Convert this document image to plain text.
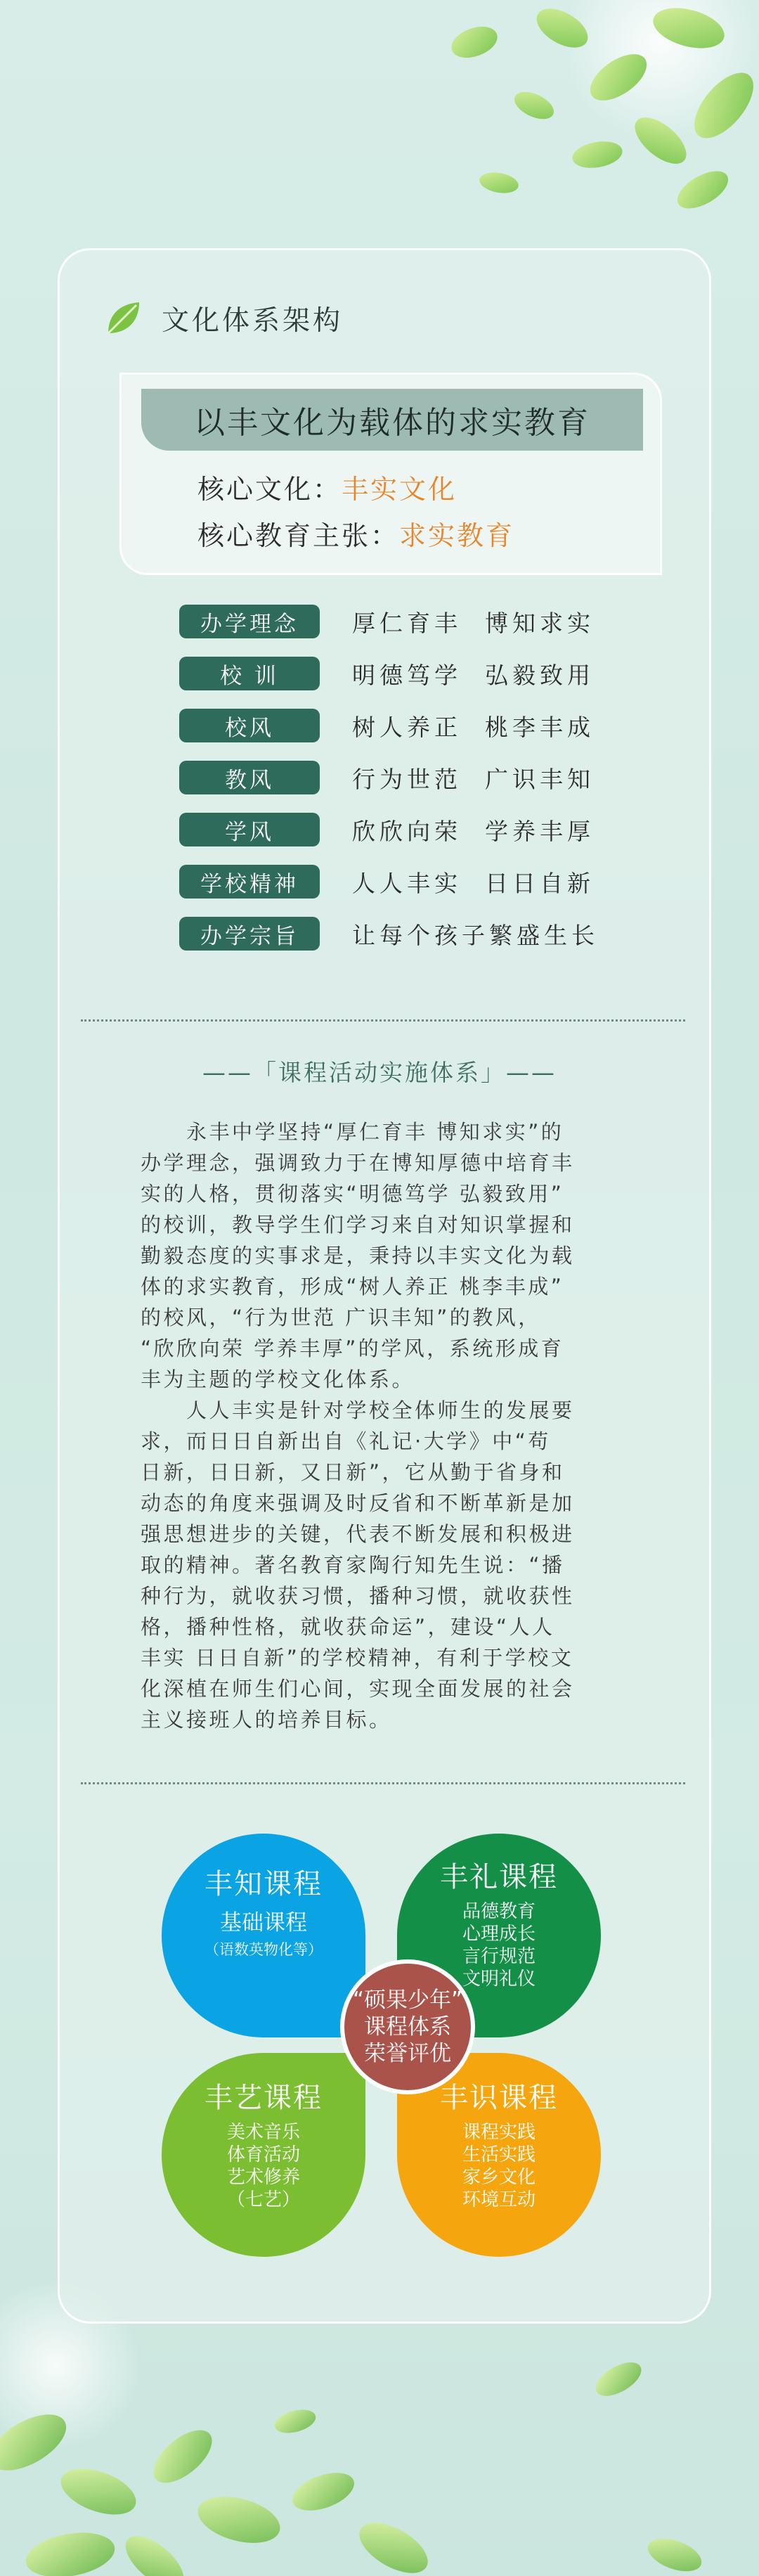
文化体系架构
以丰文化为载体的求实教育
核心文化：丰实文化
核心教育主张：求实教育
办学理念	厚仁育丰  博知求实
校 训	明德笃学  弘毅致用
校风	树人养正  桃李丰成
教风	行为世范  广识丰知
学风	欣欣向荣  学养丰厚
学校精神	人人丰实  日日自新
办学宗旨	让每个孩子繁盛生长
——「课程活动实施体系」——
　　永丰中学坚持“厚仁育丰 博知求实”的
办学理念，强调致力于在博知厚德中培育丰
实的人格，贯彻落实“明德笃学 弘毅致用”
的校训，教导学生们学习来自对知识掌握和
勤毅态度的实事求是，秉持以丰实文化为载
体的求实教育，形成“树人养正 桃李丰成”
的校风，“行为世范 广识丰知”的教风，
“欣欣向荣 学养丰厚”的学风，系统形成育
丰为主题的学校文化体系。
　　人人丰实是针对学校全体师生的发展要
求，而日日自新出自《礼记·大学》中“苟
日新，日日新，又日新”，它从勤于省身和
动态的角度来强调及时反省和不断革新是加
强思想进步的关键，代表不断发展和积极进
取的精神。著名教育家陶行知先生说：“播
种行为，就收获习惯，播种习惯，就收获性
格，播种性格，就收获命运”，建设“人人
丰实 日日自新”的学校精神，有利于学校文
化深植在师生们心间，实现全面发展的社会
主义接班人的培养目标。
丰知课程
基础课程
（语数英物化等）
丰礼课程
品德教育
心理成长
言行规范
文明礼仪
丰艺课程
美术音乐
体育活动
艺术修养
（七艺）
丰识课程
课程实践
生活实践
家乡文化
环境互动
“硕果少年”
课程体系
荣誉评优
